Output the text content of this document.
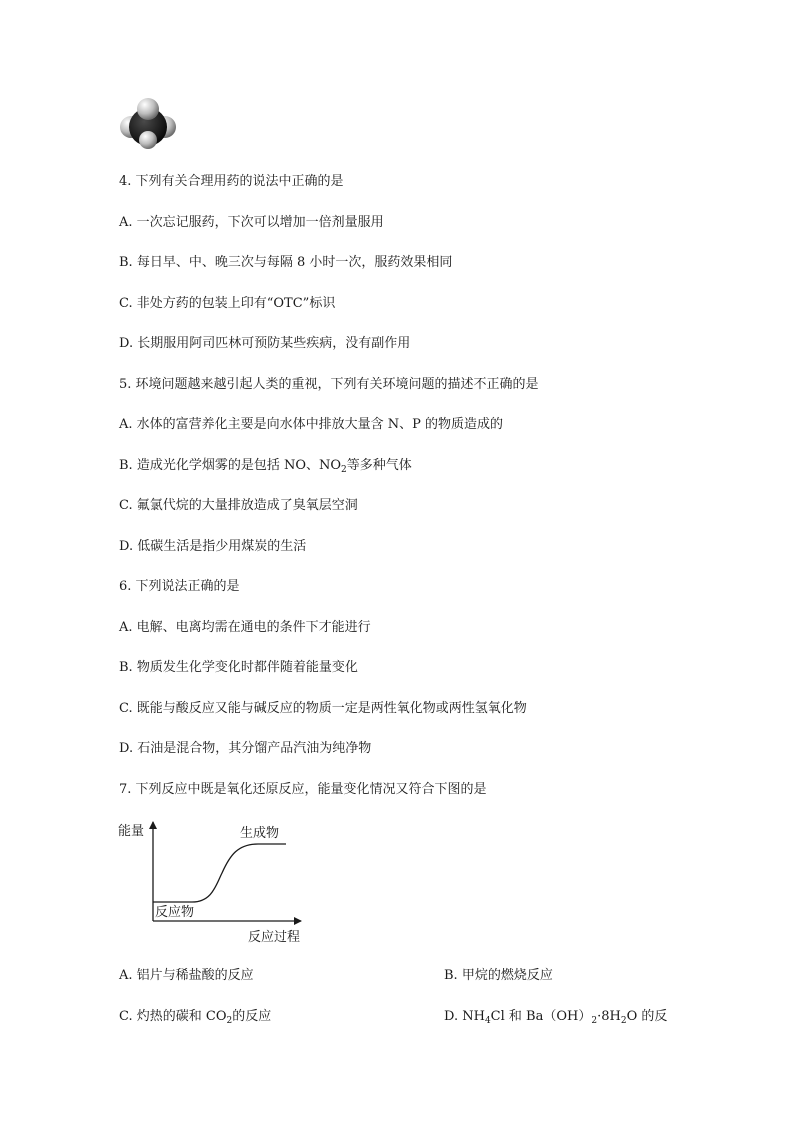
4. 下列有关合理用药的说法中正确的是
A. 一次忘记服药，下次可以增加一倍剂量服用
B. 每日早、中、晚三次与每隔 8 小时一次，服药效果相同
C. 非处方药的包装上印有“OTC”标识
D. 长期服用阿司匹林可预防某些疾病，没有副作用
5. 环境问题越来越引起人类的重视，下列有关环境问题的描述不正确的是
A. 水体的富营养化主要是向水体中排放大量含 N、P 的物质造成的
B. 造成光化学烟雾的是包括 NO、$NO_2$等多种气体
C. 氟氯代烷的大量排放造成了臭氧层空洞
D. 低碳生活是指少用煤炭的生活
6. 下列说法正确的是
A. 电解、电离均需在通电的条件下才能进行
B. 物质发生化学变化时都伴随着能量变化
C. 既能与酸反应又能与碱反应的物质一定是两性氧化物或两性氢氧化物
D. 石油是混合物，其分馏产品汽油为纯净物
7. 下列反应中既是氧化还原反应，能量变化情况又符合下图的是
能量	生成物
反应物
反应过程
A. 铝片与稀盐酸的反应	B. 甲烷的燃烧反应
C. 灼热的碳和 $CO_2$的反应	D. $NH_4Cl$ 和 $Ba(OH)_2\cdot 8H_2O$ 的反
